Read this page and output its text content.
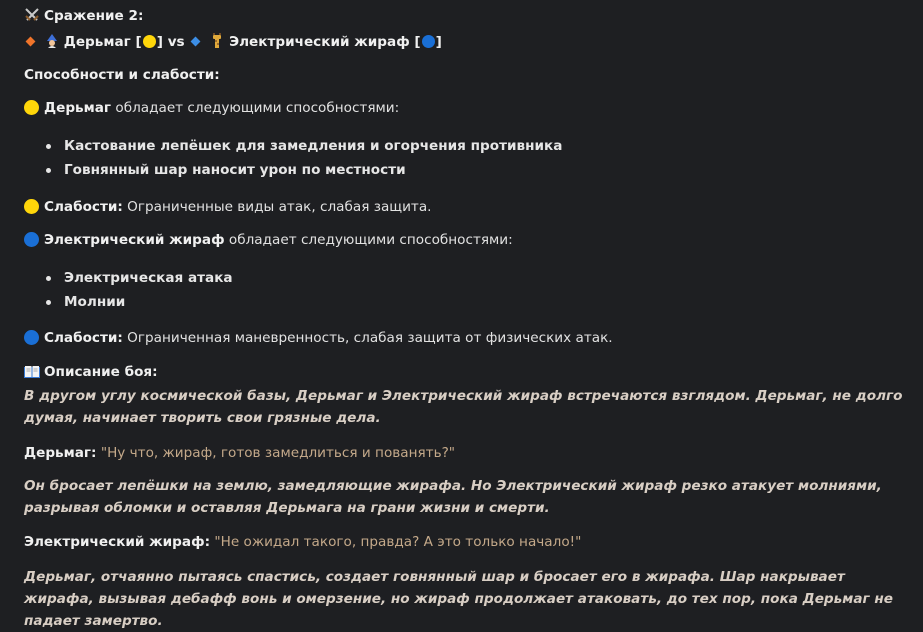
Сражение 2:
Дерьмаг [ ] vs	Электрический жираф [ ]
Способности и слабости:
Дерьмаг обладает следующими способностями:
Кастование лепёшек для замедления и огорчения противника
Говнянный шар наносит урон по местности
Слабости: Ограниченные виды атак, слабая защита.
Электрический жираф обладает следующими способностями:
Электрическая атака
Молнии
Слабости: Ограниченная маневренность, слабая защита от физических атак.
Описание боя:
В другом углу космической базы, Дерьмаг и Электрический жираф встречаются взглядом. Дерьмаг, не долго думая, начинает творить свои грязные дела.
Дерьмаг: "Ну что, жираф, готов замедлиться и пованять?"
Он бросает лепёшки на землю, замедляющие жирафа. Но Электрический жираф резко атакует молниями, разрывая обломки и оставляя Дерьмага на грани жизни и смерти.
Электрический жираф: "Не ожидал такого, правда? А это только начало!"
Дерьмаг, отчаянно пытаясь спастись, создает говнянный шар и бросает его в жирафа. Шар накрывает жирафа, вызывая дебафф вонь и омерзение, но жираф продолжает атаковать, до тех пор, пока Дерьмаг не падает замертво.
